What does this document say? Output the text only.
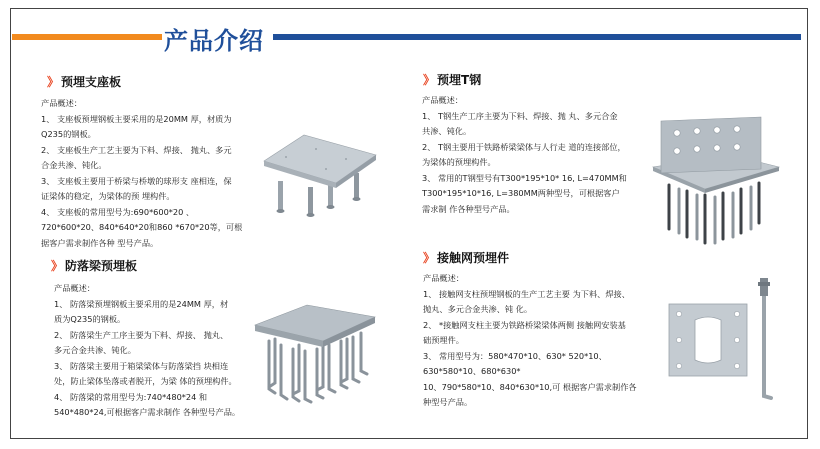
产品介绍
》 预埋支座板

产品概述：

1、 支座板预埋钢板主要采用的是20MM 厚，材质为

Q235的钢板。

2、 支座板生产工艺主要为下料、焊接、 抛丸、多元

合金共渗、钝化。

3、 支座板主要用于桥梁与桥墩的球形支 座相连，保

证梁体的稳定，为梁体的预 埋构件。

4、 支座板的常用型号为:690*600*20 、

720*600*20、840*640*20和860 *670*20等，可根

据客户需求制作各种 型号产品。

》 防落梁预埋板

产品概述：

1、 防落梁预埋钢板主要采用的是24MM 厚，材

质为Q235的钢板。

2、 防落梁生产工序主要为下料、焊接、 抛丸、

多元合金共渗、钝化。

3、 防落梁主要用于箱梁梁体与防落梁挡 块相连

处，防止梁体坠落或者脱开，为梁 体的预埋构件。

4、 防落梁的常用型号为:740*480*24 和

540*480*24,可根据客户需求制作 各种型号产品。

》 预埋T钢

产品概述：

1、 T钢生产工序主要为下料、焊接、抛 丸、多元合金

共渗、钝化。

2、 T钢主要用于铁路桥梁梁体与人行走 道的连接部位，

为梁体的预埋构件。

3、 常用的T钢型号有T300*195*10* 16, L=470MM和

T300*195*10*16, L=380MM两种型号，可根据客户

需求制 作各种型号产品。

》 接触网预埋件

产品概述：

1、 接触网支柱预埋钢板的生产工艺主要 为下料、焊接、

抛丸、多元合金共渗、钝 化。

2、 *接触网支柱主要为铁路桥梁梁体两侧 接触网安装基

础预埋件。

3、 常用型号为：580*470*10、630* 520*10、

630*580*10、680*630*

10、790*580*10、840*630*10,可 根据客户需求制作各

种型号产品。
